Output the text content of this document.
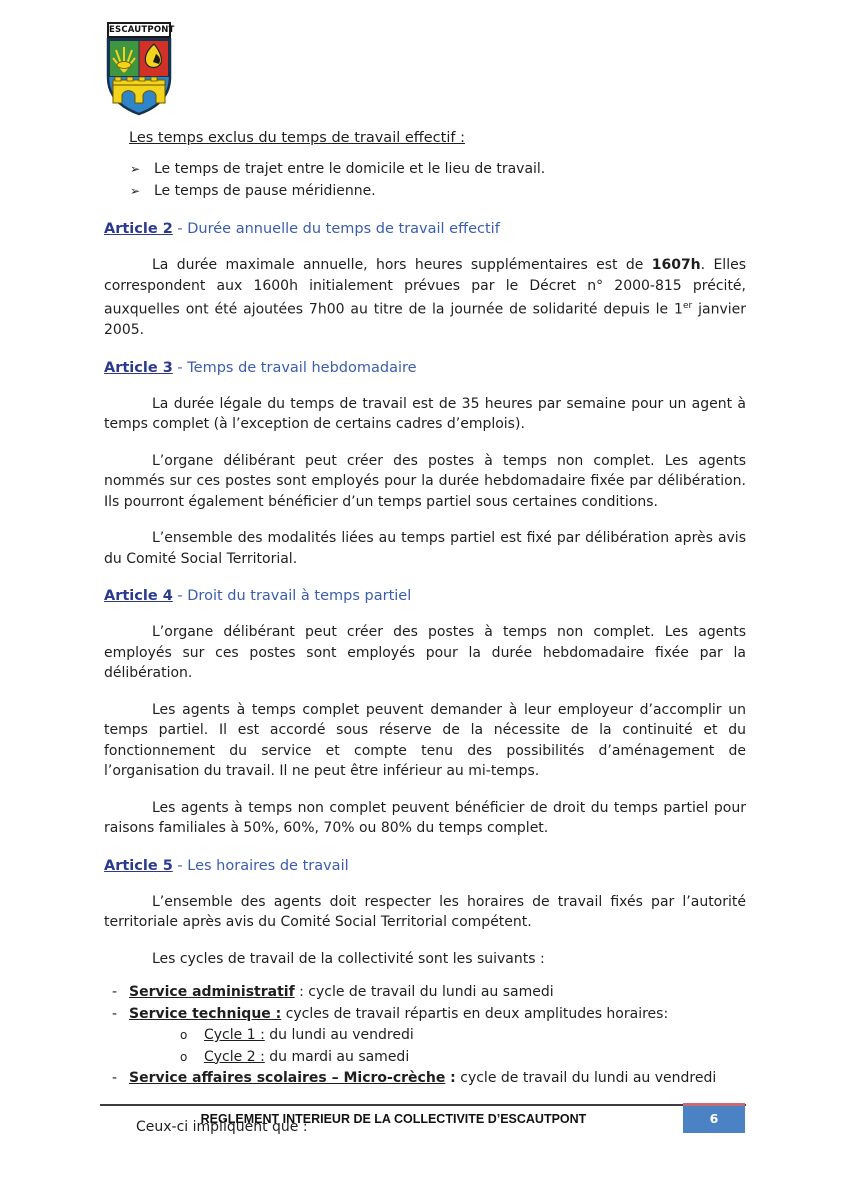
ESCAUTPONT
Les temps exclus du temps de travail effectif :
➢ Le temps de trajet entre le domicile et le lieu de travail.
➢ Le temps de pause méridienne.
Article 2 - Durée annuelle du temps de travail effectif

La durée maximale annuelle, hors heures supplémentaires est de 1607h. Elles correspondent aux 1600h initialement prévues par le Décret n° 2000-815 précité, auxquelles ont été ajoutées 7h00 au titre de la journée de solidarité depuis le 1er janvier 2005.

Article 3 - Temps de travail hebdomadaire

La durée légale du temps de travail est de 35 heures par semaine pour un agent à temps complet (à l’exception de certains cadres d’emplois).

L’organe délibérant peut créer des postes à temps non complet. Les agents nommés sur ces postes sont employés pour la durée hebdomadaire fixée par délibération. Ils pourront également bénéficier d’un temps partiel sous certaines conditions.

L’ensemble des modalités liées au temps partiel est fixé par délibération après avis du Comité Social Territorial.

Article 4 - Droit du travail à temps partiel

L’organe délibérant peut créer des postes à temps non complet. Les agents employés sur ces postes sont employés pour la durée hebdomadaire fixée par la délibération.

Les agents à temps complet peuvent demander à leur employeur d’accomplir un temps partiel. Il est accordé sous réserve de la nécessite de la continuité et du fonctionnement du service et compte tenu des possibilités d’aménagement de l’organisation du travail. Il ne peut être inférieur au mi-temps.

Les agents à temps non complet peuvent bénéficier de droit du temps partiel pour raisons familiales à 50%, 60%, 70% ou 80% du temps complet.

Article 5 - Les horaires de travail

L’ensemble des agents doit respecter les horaires de travail fixés par l’autorité territoriale après avis du Comité Social Territorial compétent.

Les cycles de travail de la collectivité sont les suivants :

- Service administratif : cycle de travail du lundi au samedi
- Service technique : cycles de travail répartis en deux amplitudes horaires:
o Cycle 1 : du lundi au vendredi
o Cycle 2 : du mardi au samedi
- Service affaires scolaires – Micro-crèche : cycle de travail du lundi au vendredi
Ceux-ci impliquent que :
REGLEMENT INTERIEUR DE LA COLLECTIVITE D’ESCAUTPONT	6
